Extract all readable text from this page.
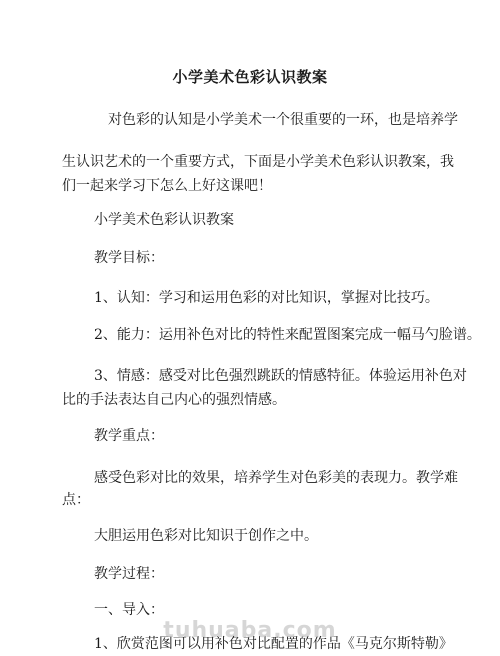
小学美术色彩认识教案
对色彩的认知是小学美术一个很重要的一环，也是培养学
生认识艺术的一个重要方式，下面是小学美术色彩认识教案，我
们一起来学习下怎么上好这课吧！
小学美术色彩认识教案
教学目标：
1、认知：学习和运用色彩的对比知识，掌握对比技巧。
2、能力：运用补色对比的特性来配置图案完成一幅马勺脸谱。
3、情感：感受对比色强烈跳跃的情感特征。体验运用补色对
比的手法表达自己内心的强烈情感。
教学重点：
感受色彩对比的效果，培养学生对色彩美的表现力。教学难
点：
大胆运用色彩对比知识于创作之中。
教学过程：
一、导入：
1、欣赏范图可以用补色对比配置的作品《马克尔斯特勒》
tuhuaba.com
